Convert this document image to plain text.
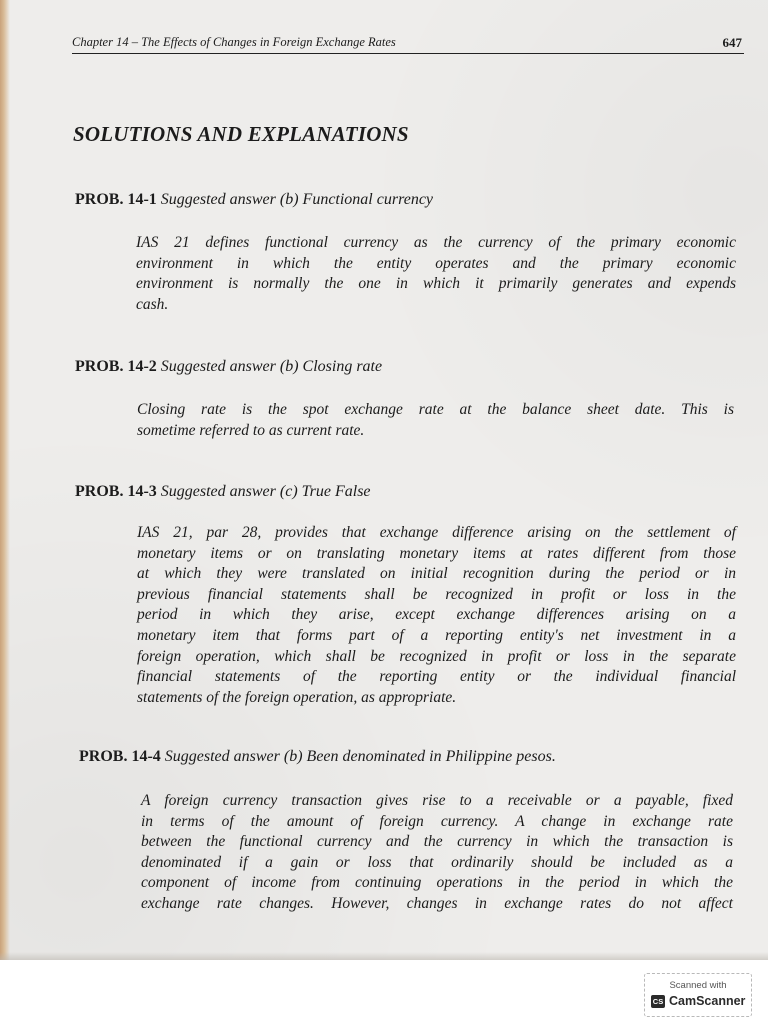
Chapter 14 – The Effects of Changes in Foreign Exchange Rates	647
SOLUTIONS AND EXPLANATIONS
PROB. 14-1 Suggested answer (b) Functional currency
IAS 21 defines functional currency as the currency of the primary economic
environment in which the entity operates and the primary economic
environment is normally the one in which it primarily generates and expends
cash.
PROB. 14-2 Suggested answer (b) Closing rate
Closing rate is the spot exchange rate at the balance sheet date. This is
sometime referred to as current rate.
PROB. 14-3 Suggested answer (c) True False
IAS 21, par 28, provides that exchange difference arising on the settlement of
monetary items or on translating monetary items at rates different from those
at which they were translated on initial recognition during the period or in
previous financial statements shall be recognized in profit or loss in the
period in which they arise, except exchange differences arising on a
monetary item that forms part of a reporting entity's net investment in a
foreign operation, which shall be recognized in profit or loss in the separate
financial statements of the reporting entity or the individual financial
statements of the foreign operation, as appropriate.
PROB. 14-4 Suggested answer (b) Been denominated in Philippine pesos.
A foreign currency transaction gives rise to a receivable or a payable, fixed
in terms of the amount of foreign currency. A change in exchange rate
between the functional currency and the currency in which the transaction is
denominated if a gain or loss that ordinarily should be included as a
component of income from continuing operations in the period in which the
exchange rate changes. However, changes in exchange rates do not affect
Scanned with
CS CamScanner
